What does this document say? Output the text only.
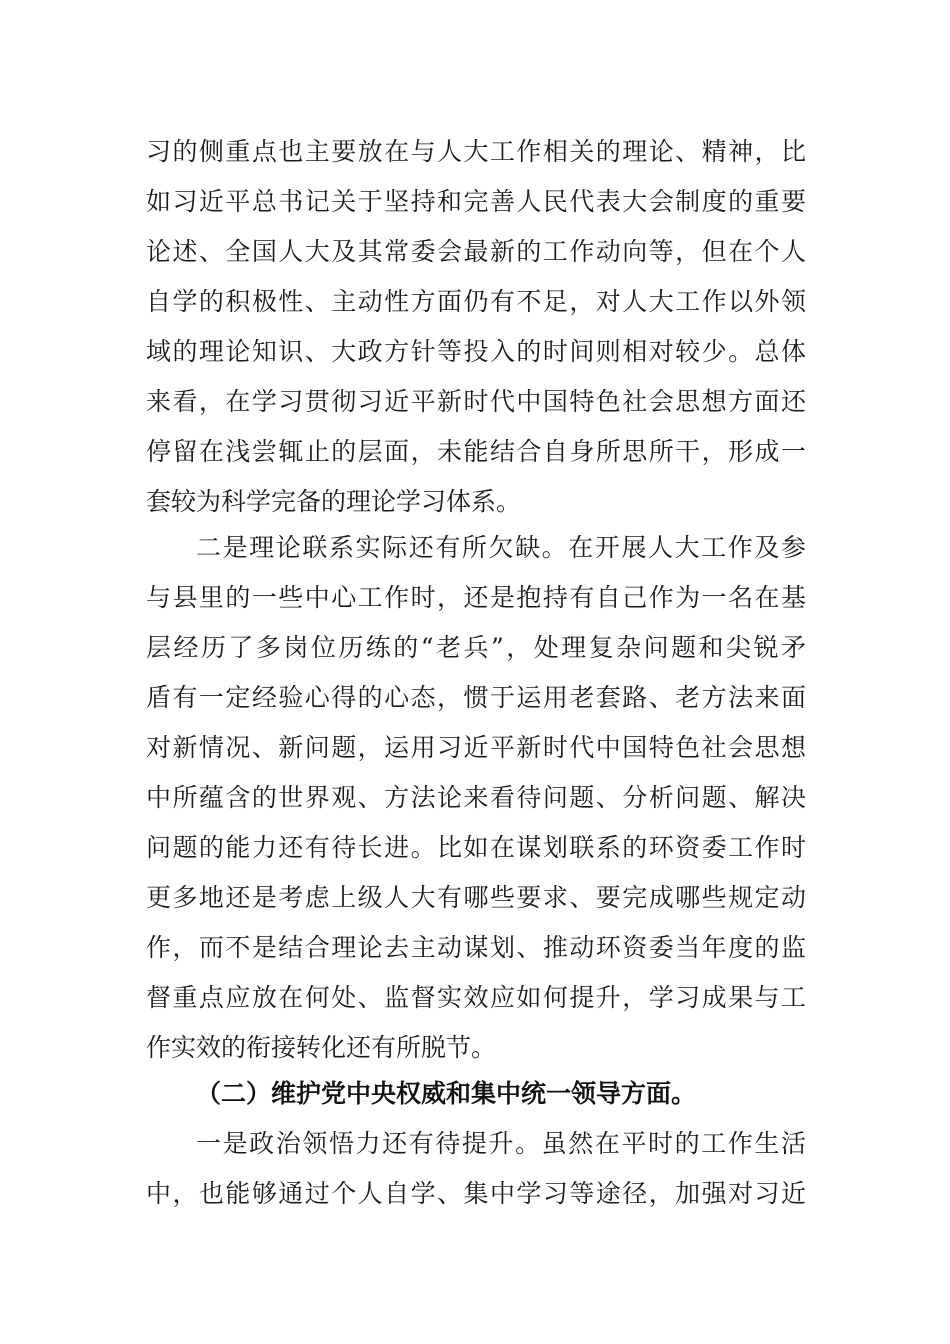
习的侧重点也主要放在与人大工作相关的理论、精神，比
如习近平总书记关于坚持和完善人民代表大会制度的重要
论述、全国人大及其常委会最新的工作动向等，但在个人
自学的积极性、主动性方面仍有不足，对人大工作以外领
域的理论知识、大政方针等投入的时间则相对较少。总体
来看，在学习贯彻习近平新时代中国特色社会思想方面还
停留在浅尝辄止的层面，未能结合自身所思所干，形成一
套较为科学完备的理论学习体系。
二是理论联系实际还有所欠缺。在开展人大工作及参
与县里的一些中心工作时，还是抱持有自己作为一名在基
层经历了多岗位历练的“老兵”，处理复杂问题和尖锐矛
盾有一定经验心得的心态，惯于运用老套路、老方法来面
对新情况、新问题，运用习近平新时代中国特色社会思想
中所蕴含的世界观、方法论来看待问题、分析问题、解决
问题的能力还有待长进。比如在谋划联系的环资委工作时
更多地还是考虑上级人大有哪些要求、要完成哪些规定动
作，而不是结合理论去主动谋划、推动环资委当年度的监
督重点应放在何处、监督实效应如何提升，学习成果与工
作实效的衔接转化还有所脱节。
（二）维护党中央权威和集中统一领导方面。
一是政治领悟力还有待提升。虽然在平时的工作生活
中，也能够通过个人自学、集中学习等途径，加强对习近
